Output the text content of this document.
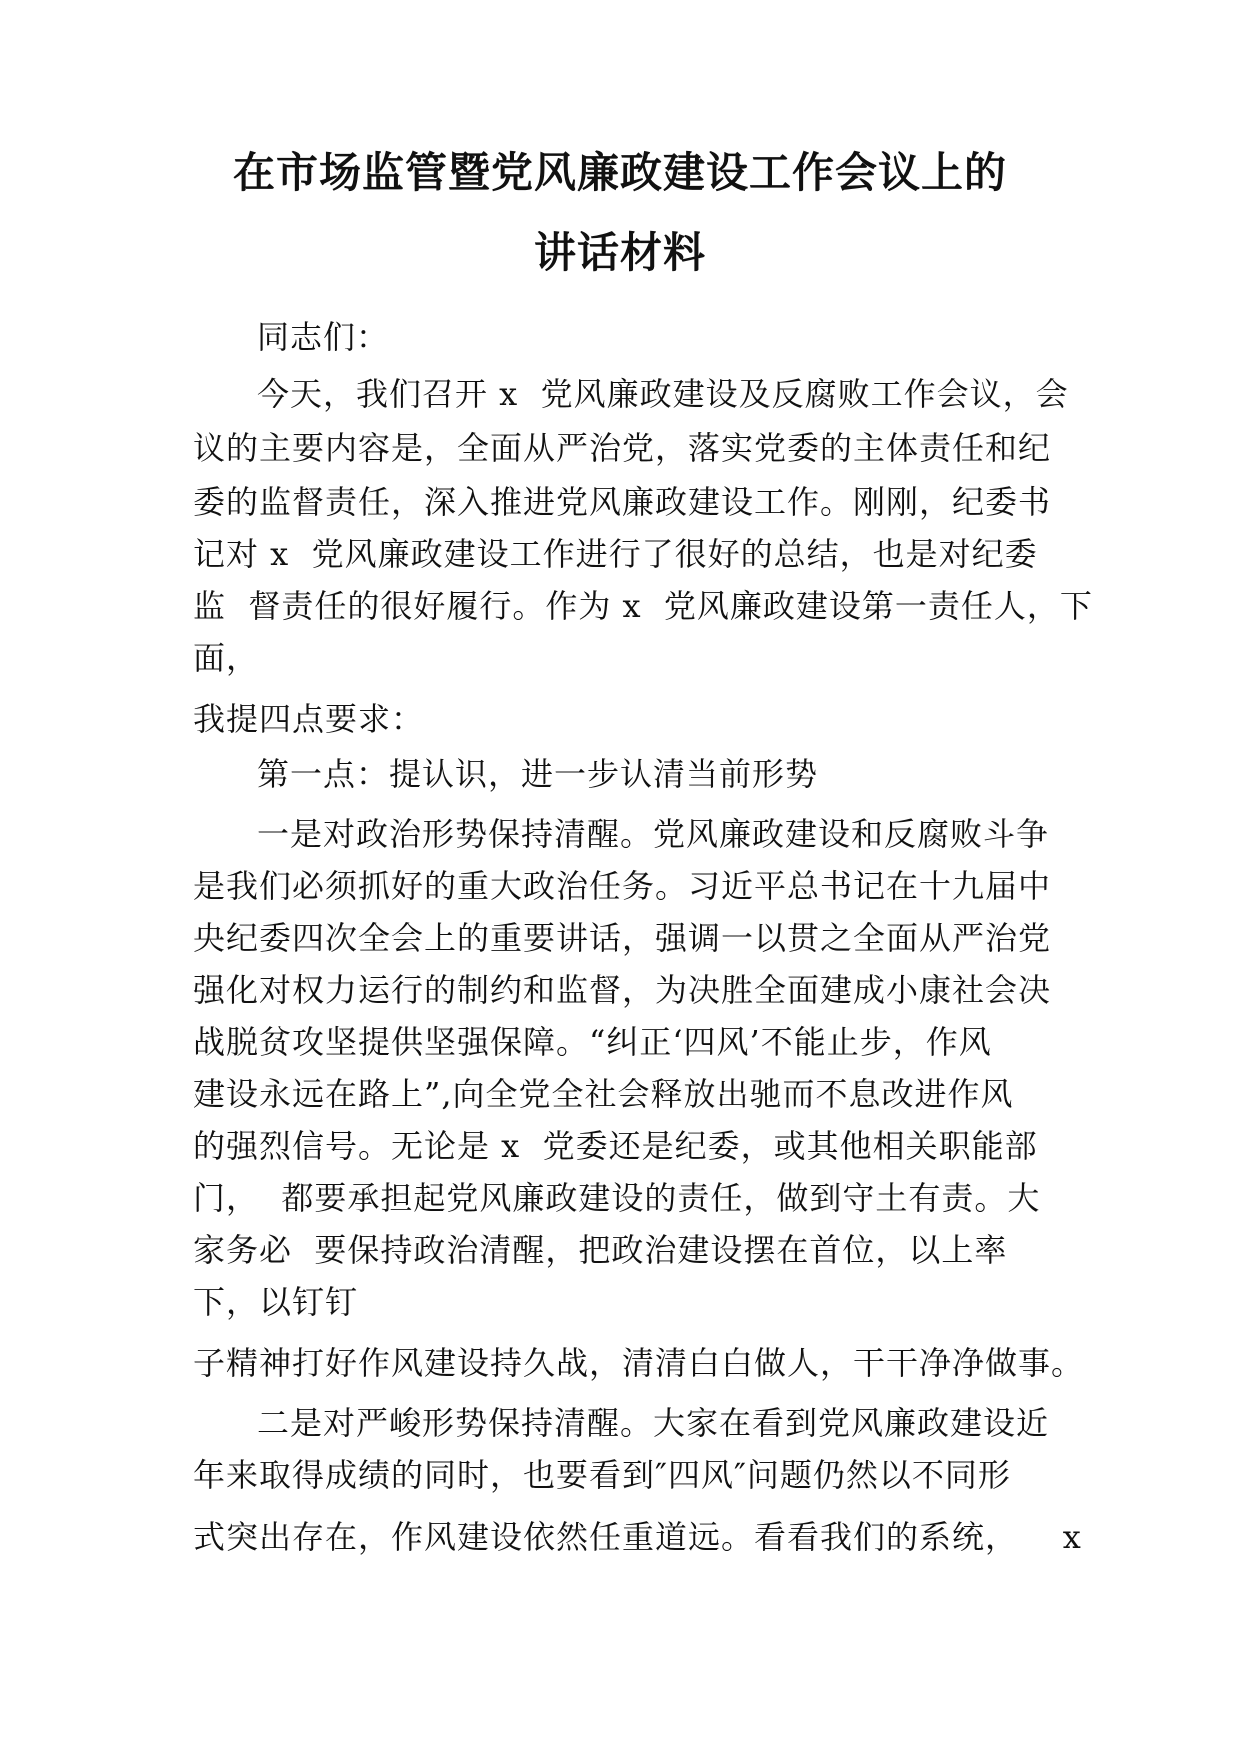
在市场监管暨党风廉政建设工作会议上的
讲话材料

同志们：

今天，我们召开 x  党风廉政建设及反腐败工作会议，会

议的主要内容是，全面从严治党，落实党委的主体责任和纪

委的监督责任，深入推进党风廉政建设工作。刚刚，纪委书

记对 x  党风廉政建设工作进行了很好的总结，也是对纪委

监  督责任的很好履行。作为 x  党风廉政建设第一责任人，下

面，

我提四点要求：

第一点：提认识，进一步认清当前形势

一是对政治形势保持清醒。党风廉政建设和反腐败斗争

是我们必须抓好的重大政治任务。习近平总书记在十九届中

央纪委四次全会上的重要讲话，强调一以贯之全面从严治党

强化对权力运行的制约和监督，为决胜全面建成小康社会决

战脱贫攻坚提供坚强保障。“纠正‘四风’不能止步，作风

建设永远在路上”,向全党全社会释放出驰而不息改进作风

的强烈信号。无论是 x  党委还是纪委，或其他相关职能部

门，  都要承担起党风廉政建设的责任，做到守土有责。大

家务必  要保持政治清醒，把政治建设摆在首位，以上率

下，以钉钉

子精神打好作风建设持久战，清清白白做人，干干净净做事。

二是对严峻形势保持清醒。大家在看到党风廉政建设近

年来取得成绩的同时，也要看到″四风″问题仍然以不同形

式突出存在，作风建设依然任重道远。看看我们的系统，    x
